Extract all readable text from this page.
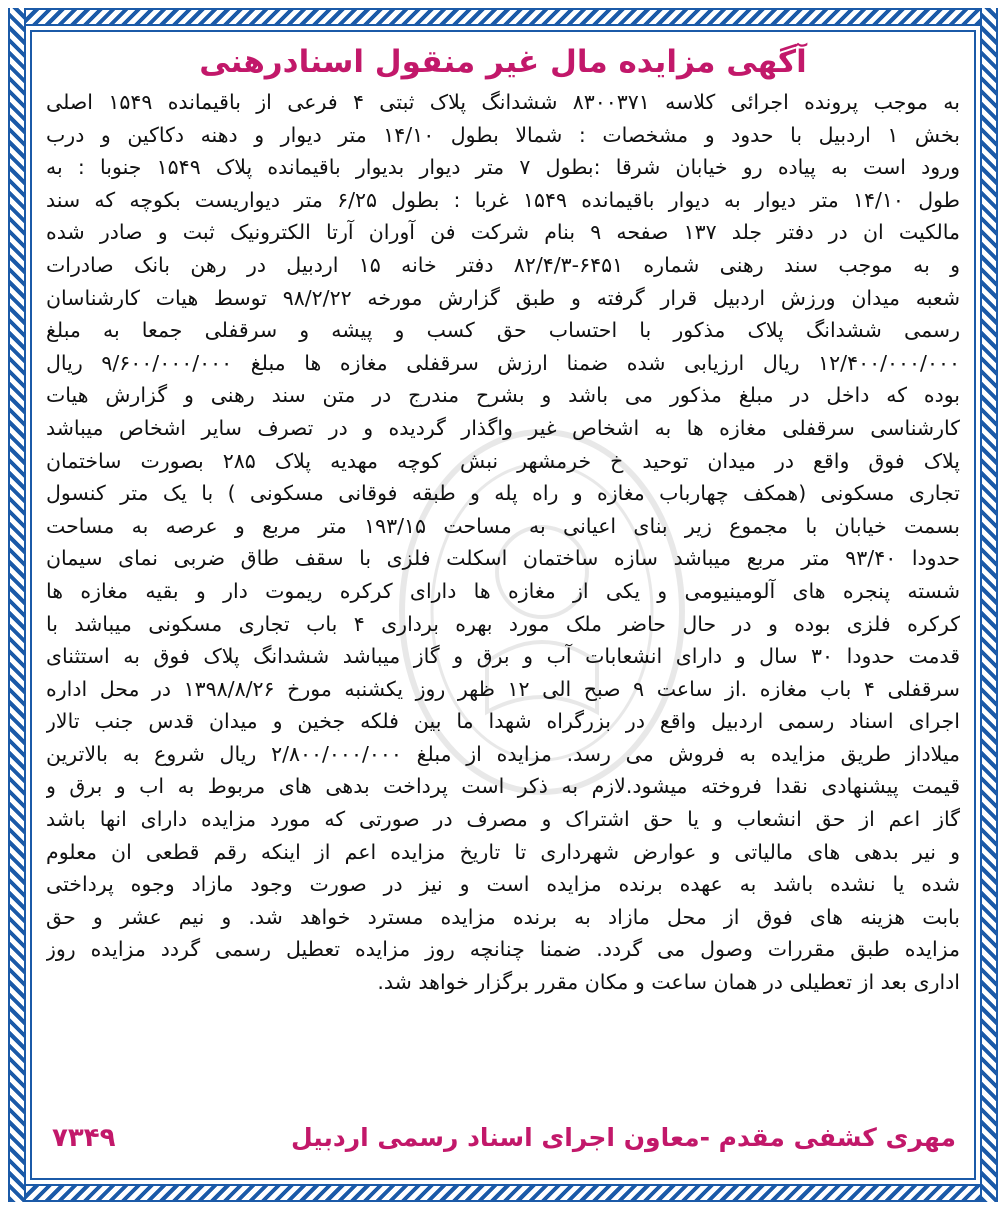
آگهی مزایده مال غیر منقول اسنادرهنی
به موجب پرونده اجرائی کلاسه ۸۳۰۰۳۷۱ ششدانگ پلاک ثبتی ۴ فرعی از باقیمانده ۱۵۴۹ اصلی
بخش ۱ اردبیل با حدود و مشخصات : شمالا بطول ۱۴/۱۰ متر دیوار و دهنه دکاکین و درب
ورود است به پیاده رو خیابان شرقا :بطول ۷ متر دیوار بدیوار باقیمانده پلاک ۱۵۴۹ جنوبا : به
طول ۱۴/۱۰ متر دیوار به دیوار باقیمانده ۱۵۴۹ غربا : بطول ۶/۲۵ متر دیواریست بکوچه که سند
مالکیت ان در دفتر جلد ۱۳۷ صفحه ۹ بنام شرکت فن آوران آرتا الکترونیک ثبت و صادر شده
و به موجب سند رهنی شماره ۶۴۵۱-۸۲/۴/۳ دفتر خانه ۱۵ اردبیل در رهن بانک صادرات
شعبه میدان ورزش اردبیل قرار گرفته و طبق گزارش مورخه ۹۸/۲/۲۲ توسط هیات کارشناسان
رسمی ششدانگ پلاک مذکور با احتساب حق کسب و پیشه و سرقفلی جمعا به مبلغ
۱۲/۴۰۰/۰۰۰/۰۰۰ ریال ارزیابی شده ضمنا ارزش سرقفلی مغازه ها مبلغ ۹/۶۰۰/۰۰۰/۰۰۰ ریال
بوده که داخل در مبلغ مذکور می باشد و بشرح مندرج در متن سند رهنی و گزارش هیات
کارشناسی سرقفلی مغازه ها به اشخاص غیر واگذار گردیده و در تصرف سایر اشخاص میباشد
پلاک فوق واقع در میدان توحید خ خرمشهر نبش کوچه مهدیه پلاک ۲۸۵ بصورت ساختمان
تجاری مسکونی (همکف چهارباب مغازه و راه پله و طبقه فوقانی مسکونی ) با یک متر کنسول
بسمت خیابان با مجموع زیر بنای اعیانی به مساحت ۱۹۳/۱۵ متر مربع و عرصه به مساحت
حدودا ۹۳/۴۰ متر مربع میباشد سازه ساختمان اسکلت فلزی با سقف طاق ضربی نمای سیمان
شسته پنجره های آلومینیومی و یکی از مغازه ها دارای کرکره ریموت دار و بقیه مغازه ها
کرکره فلزی بوده و در حال حاضر ملک مورد بهره برداری ۴ باب تجاری مسکونی میباشد با
قدمت حدودا ۳۰ سال و دارای انشعابات آب و برق و گاز میباشد ششدانگ پلاک فوق به استثنای
سرقفلی ۴ باب مغازه .از ساعت ۹ صبح الی ۱۲ ظهر روز یکشنبه مورخ ۱۳۹۸/۸/۲۶ در محل اداره
اجرای اسناد رسمی اردبیل واقع در بزرگراه شهدا ما بین فلکه جخین و میدان قدس جنب تالار
میلاداز طریق مزایده به فروش می رسد. مزایده از مبلغ ۲/۸۰۰/۰۰۰/۰۰۰ ریال شروع به بالاترین
قیمت پیشنهادی نقدا فروخته میشود.لازم به ذکر است پرداخت بدهی های مربوط به اب و برق و
گاز اعم از حق انشعاب و یا حق اشتراک و مصرف در صورتی که مورد مزایده دارای انها باشد
و نیر بدهی های مالیاتی و عوارض شهرداری تا تاریخ مزایده اعم از اینکه رقم قطعی ان معلوم
شده یا نشده باشد به عهده برنده مزایده است و نیز در صورت وجود مازاد وجوه پرداختی
بابت هزینه های فوق از محل مازاد به برنده مزایده مسترد خواهد شد. و نیم عشر و حق
مزایده طبق مقررات وصول می گردد. ضمنا چنانچه روز مزایده تعطیل رسمی گردد مزایده روز
اداری بعد از تعطیلی در همان ساعت و مکان مقرر برگزار خواهد شد.
مهری کشفی مقدم -معاون اجرای اسناد رسمی اردبیل
۷۳۴۹
